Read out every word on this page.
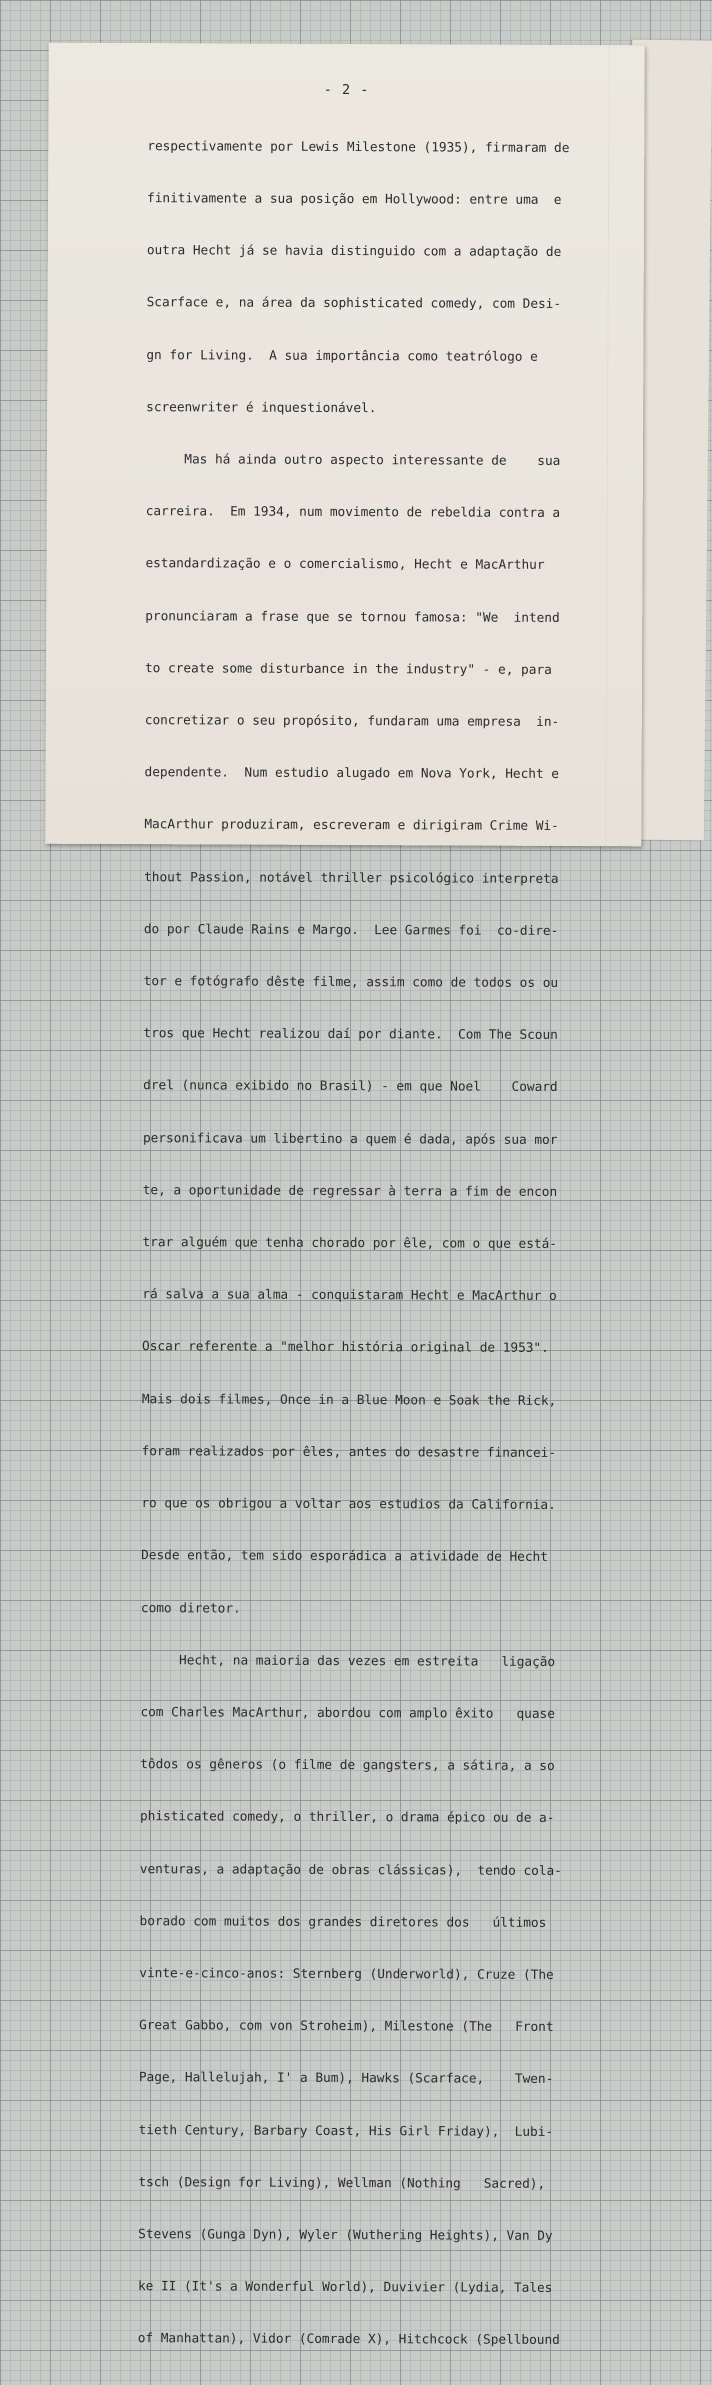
- 2 -

respectivamente por Lewis Milestone (1935), firmaram de

finitivamente a sua posição em Hollywood: entre uma  e

outra Hecht já se havia distinguido com a adaptação de

Scarface e, na área da sophisticated comedy, com Desi-

gn for Living.  A sua importância como teatrólogo e

screenwriter é inquestionável.

Mas há ainda outro aspecto interessante de    sua

carreira.  Em 1934, num movimento de rebeldia contra a

estandardização e o comercialismo, Hecht e MacArthur

pronunciaram a frase que se tornou famosa: "We  intend

to create some disturbance in the industry" - e, para

concretizar o seu propósito, fundaram uma empresa  in-

dependente.  Num estudio alugado em Nova York, Hecht e

MacArthur produziram, escreveram e dirigiram Crime Wi-

thout Passion, notável thriller psicológico interpreta

do por Claude Rains e Margo.  Lee Garmes foi  co-dire-

tor e fotógrafo dêste filme, assim como de todos os ou

tros que Hecht realizou daí por diante.  Com The Scoun

drel (nunca exibido no Brasil) - em que Noel    Coward

personificava um libertino a quem é dada, após sua mor

te, a oportunidade de regressar à terra a fim de encon

trar alguém que tenha chorado por êle, com o que está-

rá salva a sua alma - conquistaram Hecht e MacArthur o

Oscar referente a "melhor história original de 1953".

Mais dois filmes, Once in a Blue Moon e Soak the Rick,

foram realizados por êles, antes do desastre financei-

ro que os obrigou a voltar aos estudios da California.

Desde então, tem sido esporádica a atividade de Hecht

como diretor.

Hecht, na maioria das vezes em estreita   ligação

com Charles MacArthur, abordou com amplo êxito   quase

tôdos os gêneros (o filme de gangsters, a sátira, a so

phisticated comedy, o thriller, o drama épico ou de a-

venturas, a adaptação de obras clássicas),  tendo cola-

borado com muitos dos grandes diretores dos   últimos

vinte-e-cinco-anos: Sternberg (Underworld), Cruze (The

Great Gabbo, com von Stroheim), Milestone (The   Front

Page, Hallelujah, I' a Bum), Hawks (Scarface,    Twen-

tieth Century, Barbary Coast, His Girl Friday),  Lubi-

tsch (Design for Living), Wellman (Nothing   Sacred),

Stevens (Gunga Dyn), Wyler (Wuthering Heights), Van Dy

ke II (It's a Wonderful World), Duvivier (Lydia, Tales

of Manhattan), Vidor (Comrade X), Hitchcock (Spellbound
